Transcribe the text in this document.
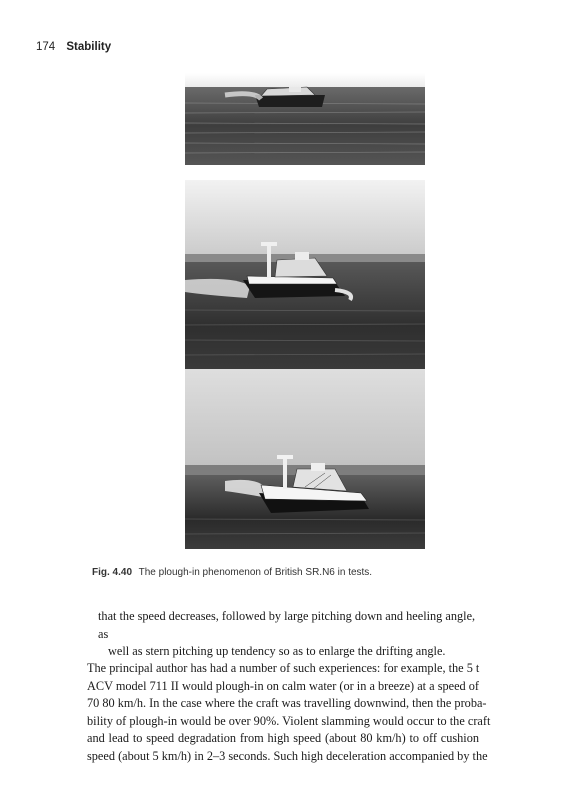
174 Stability
Fig. 4.40 The plough-in phenomenon of British SR.N6 in tests.
that the speed decreases, followed by large pitching down and heeling angle, as
well as stern pitching up tendency so as to enlarge the drifting angle.
The principal author has had a number of such experiences: for example, the 5 t
ACV model 711 II would plough-in on calm water (or in a breeze) at a speed of
70 80 km/h. In the case where the craft was travelling downwind, then the proba-
bility of plough-in would be over 90%. Violent slamming would occur to the craft
and lead to speed degradation from high speed (about 80 km/h) to off cushion
speed (about 5 km/h) in 2–3 seconds. Such high deceleration accompanied by the
